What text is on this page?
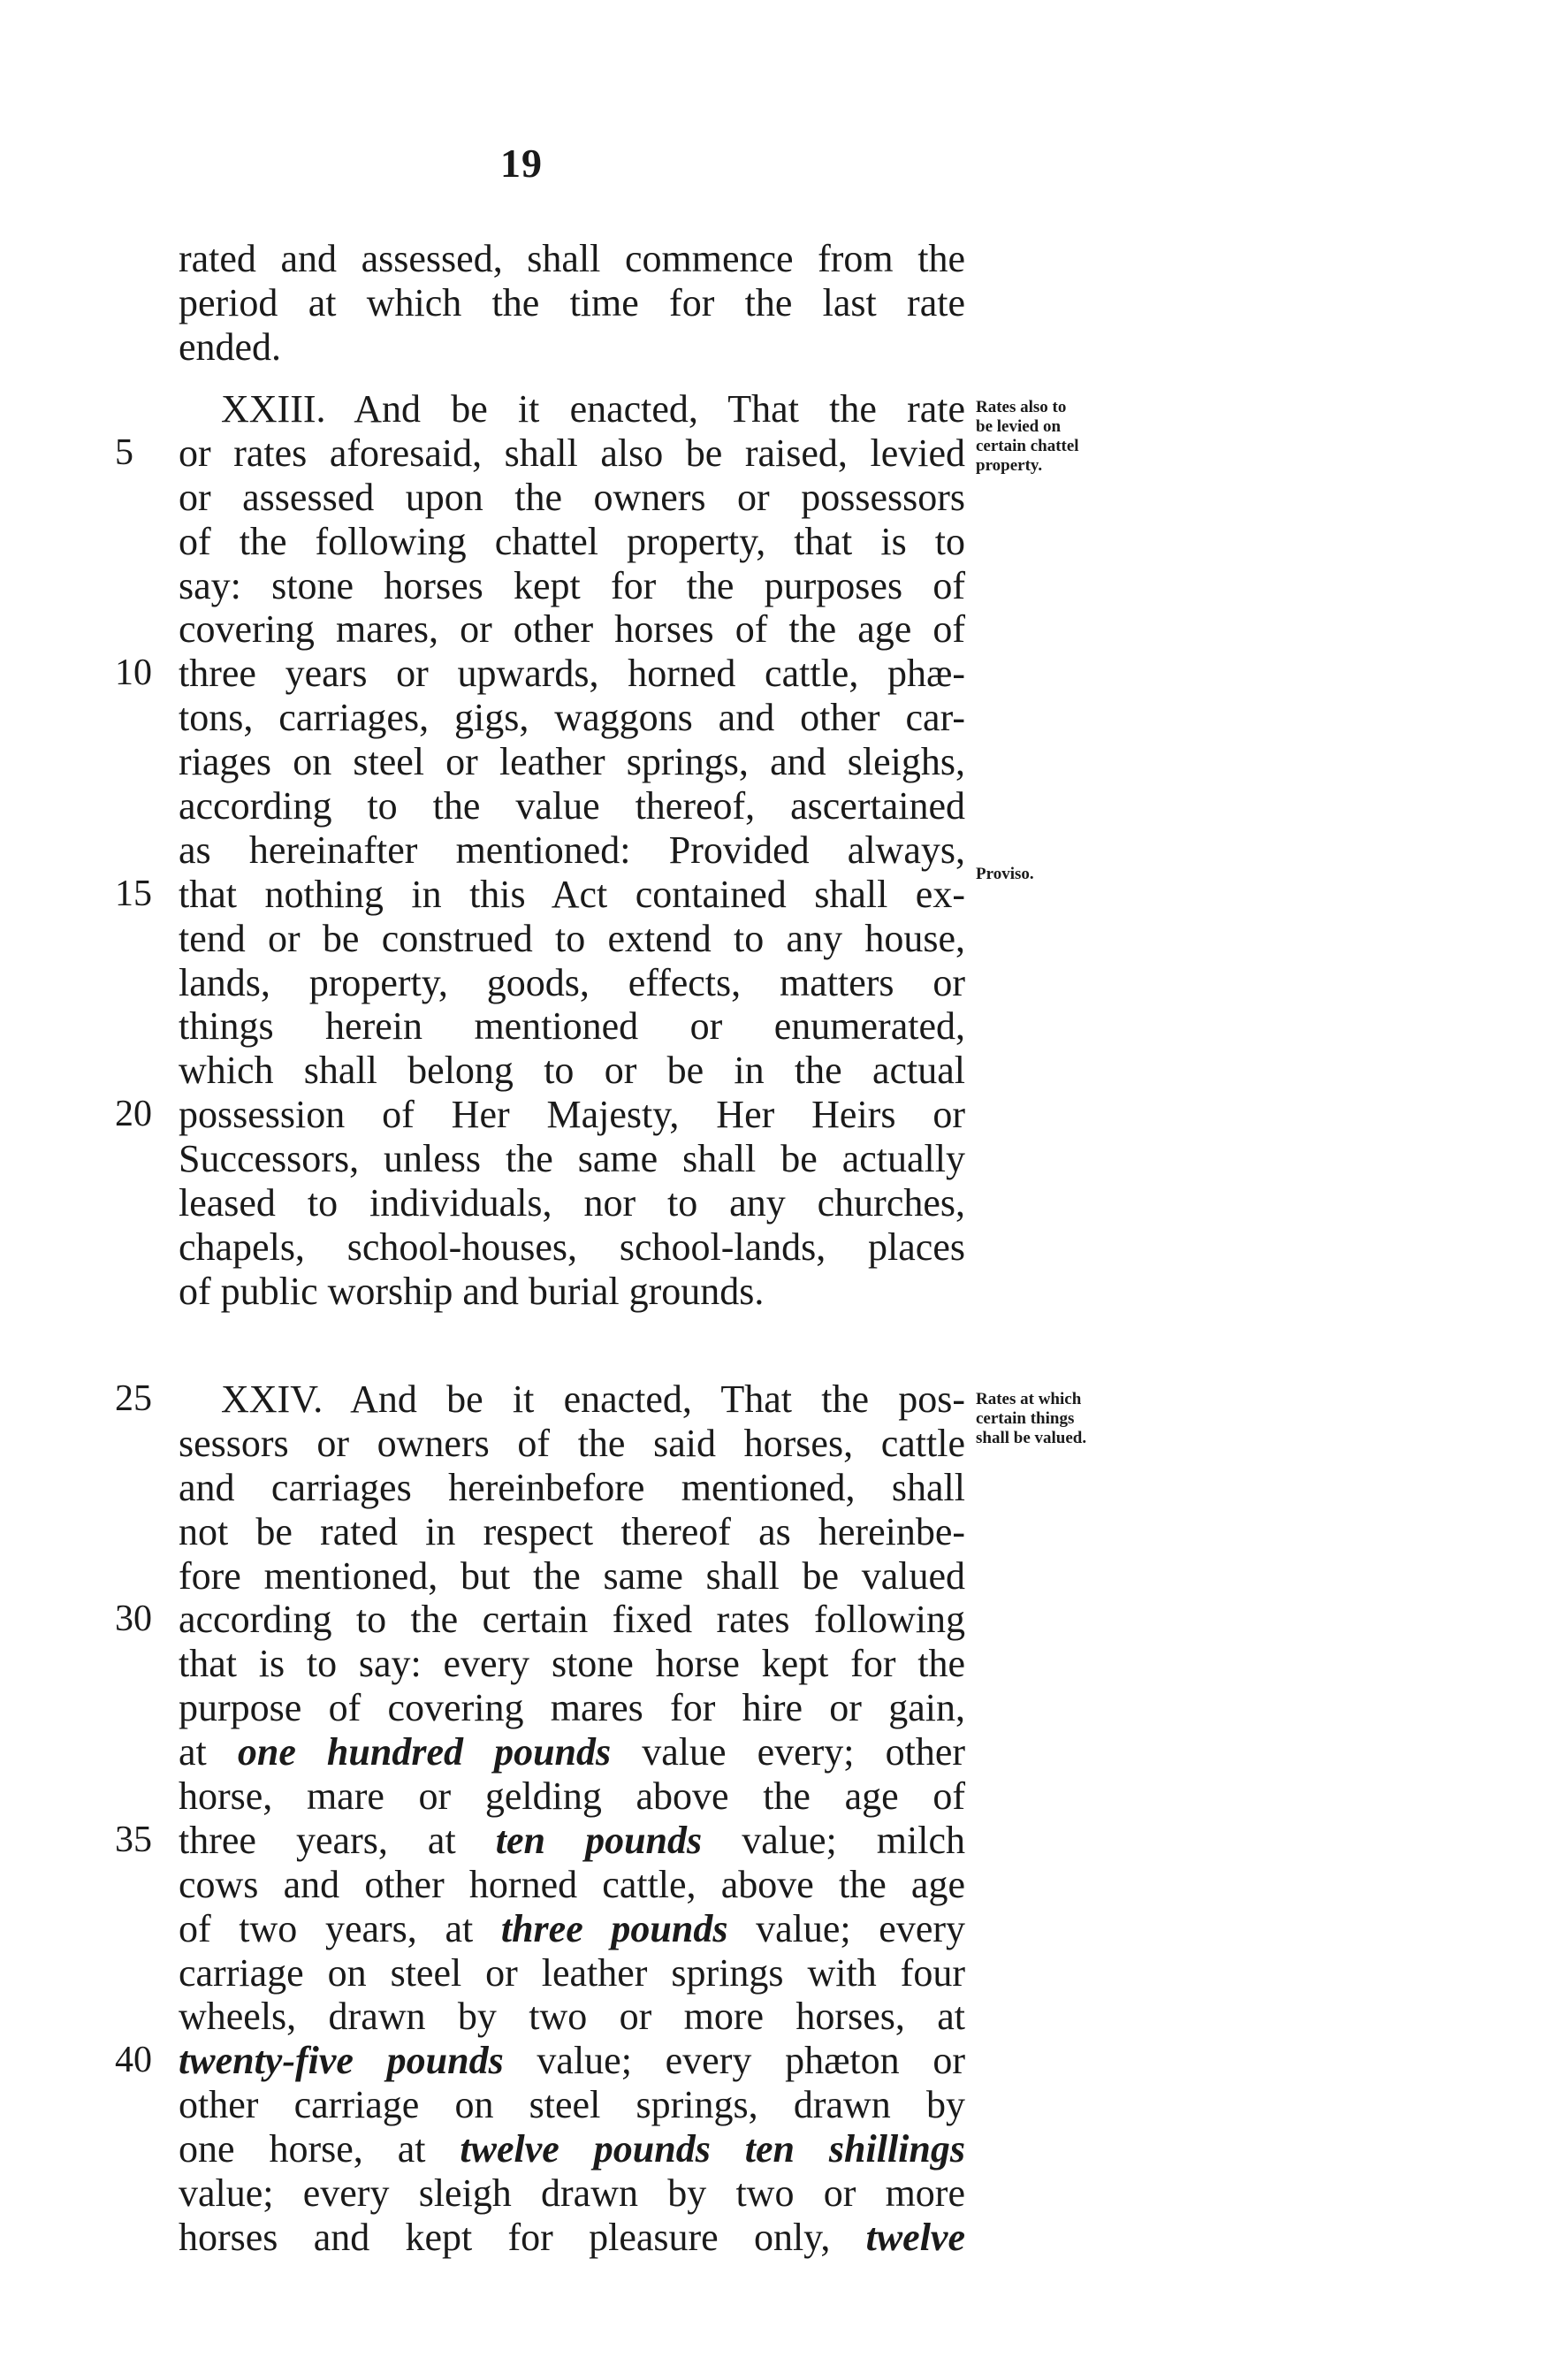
19
rated and assessed, shall commence from the
period at which the time for the last rate
ended.
XXIII. And be it enacted, That the rate
5	or rates aforesaid, shall also be raised, levied
or assessed upon the owners or possessors
of the following chattel property, that is to
say: stone horses kept for the purposes of
covering mares, or other horses of the age of
10 three years or upwards, horned cattle, phæ-
tons, carriages, gigs, waggons and other car-
riages on steel or leather springs, and sleighs,
according to the value thereof, ascertained
as hereinafter mentioned: Provided always,
15 that nothing in this Act contained shall ex-
tend or be construed to extend to any house,
lands, property, goods, effects, matters or
things herein mentioned or enumerated,
which shall belong to or be in the actual
20 possession of Her Majesty, Her Heirs or
Successors, unless the same shall be actually
leased to individuals, nor to any churches,
chapels, school-houses, school-lands, places
of public worship and burial grounds.
Rates also to
be levied on
certain chattel
property.
Proviso.
25	XXIV. And be it enacted, That the pos-
sessors or owners of the said horses, cattle
and carriages hereinbefore mentioned, shall
not be rated in respect thereof as hereinbe-
fore mentioned, but the same shall be valued
30 according to the certain fixed rates following
that is to say: every stone horse kept for the
purpose of covering mares for hire or gain,
at one hundred pounds value every; other
horse, mare or gelding above the age of
35 three years, at ten pounds value; milch
cows and other horned cattle, above the age
of two years, at three pounds value; every
carriage on steel or leather springs with four
wheels, drawn by two or more horses, at
40 twenty-five pounds value; every phæton or
other carriage on steel springs, drawn by
one horse, at twelve pounds ten shillings
value; every sleigh drawn by two or more
horses and kept for pleasure only, twelve
Rates at which
certain things
shall be valued.
